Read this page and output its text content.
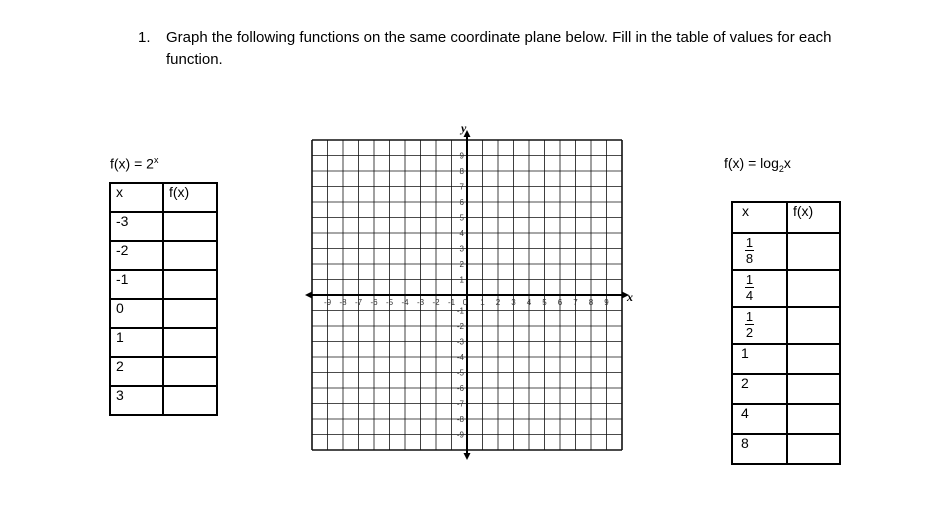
1. Graph the following functions on the same coordinate plane below. Fill in the table of values for each function.
$f(x) = 2^x$
x	f(x)
-3	
-2	
-1	
0	
1	
2	
3	
$f(x) = \log_2x$
x	f(x)

$\frac{1}{8}$

$\frac{1}{4}$

$\frac{1}{2}$

1	
2	
4	
8	
-9 -8 -7 -6 -5 -4 -3 -2 -1 0 1 2 3 4 5 6 7 8 9
9
8
7
6
5
4
3
2
1
-1
-2
-3
-4
-5
-6
-7
-8
-9
x
y
